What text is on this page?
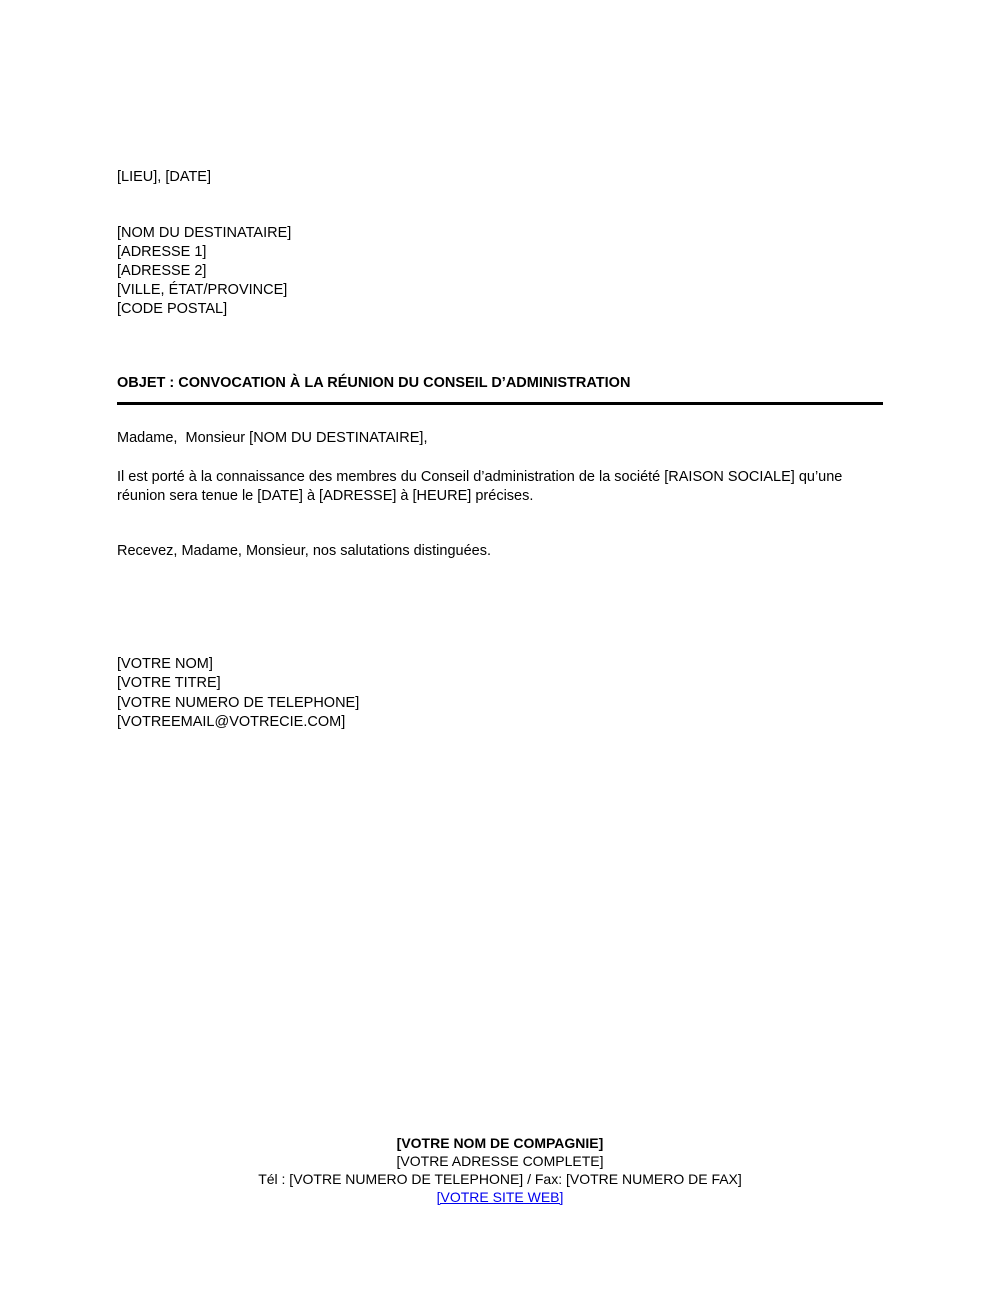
[LIEU], [DATE]
[NOM DU DESTINATAIRE]
[ADRESSE 1]
[ADRESSE 2]
[VILLE, ÉTAT/PROVINCE]
[CODE POSTAL]
OBJET : CONVOCATION À LA RÉUNION DU CONSEIL D’ADMINISTRATION
Madame,  Monsieur [NOM DU DESTINATAIRE],
Il est porté à la connaissance des membres du Conseil d’administration de la société [RAISON SOCIALE] qu’une réunion sera tenue le [DATE] à [ADRESSE] à [HEURE] précises.
Recevez, Madame, Monsieur, nos salutations distinguées.
[VOTRE NOM]
[VOTRE TITRE]
[VOTRE NUMERO DE TELEPHONE]
[VOTREEMAIL@VOTRECIE.COM]
[VOTRE NOM DE COMPAGNIE]
[VOTRE ADRESSE COMPLETE]
Tél : [VOTRE NUMERO DE TELEPHONE] / Fax: [VOTRE NUMERO DE FAX]
[VOTRE SITE WEB]
